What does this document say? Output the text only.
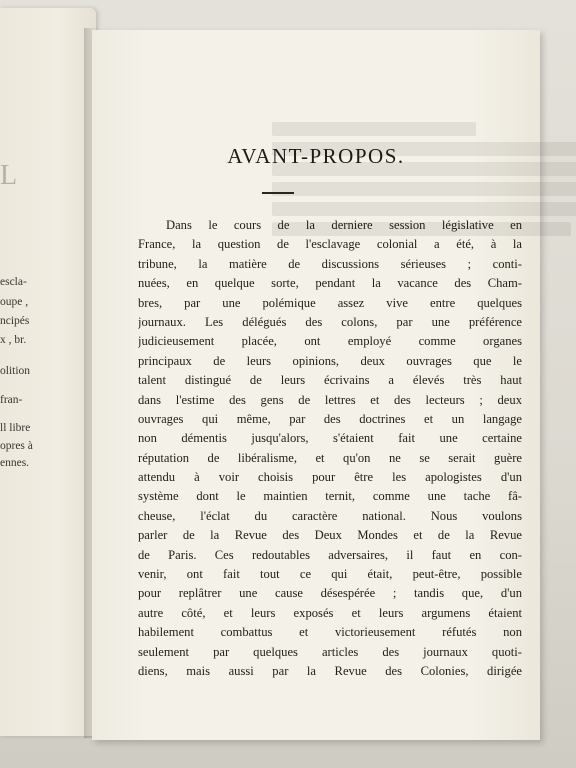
L
escla-
oupe ,
ncipés
x , br.
olition
fran-
ll libre
opres à
ennes.
AVANT-PROPOS.
Dans le cours de la derniere session législative en
France, la question de l'esclavage colonial a été, à la
tribune, la matière de discussions sérieuses ; conti-
nuées, en quelque sorte, pendant la vacance des Cham-
bres, par une polémique assez vive entre quelques
journaux. Les délégués des colons, par une préférence
judicieusement placée, ont employé comme organes
principaux de leurs opinions, deux ouvrages que le
talent distingué de leurs écrivains a élevés très haut
dans l'estime des gens de lettres et des lecteurs ; deux
ouvrages qui même, par des doctrines et un langage
non démentis jusqu'alors, s'étaient fait une certaine
réputation de libéralisme, et qu'on ne se serait guère
attendu à voir choisis pour être les apologistes d'un
système dont le maintien ternit, comme une tache fâ-
cheuse, l'éclat du caractère national. Nous voulons
parler de la Revue des Deux Mondes et de la Revue
de Paris. Ces redoutables adversaires, il faut en con-
venir, ont fait tout ce qui était, peut-être, possible
pour replâtrer une cause désespérée ; tandis que, d'un
autre côté, et leurs exposés et leurs argumens étaient
habilement combattus et victorieusement réfutés non
seulement par quelques articles des journaux quoti-
diens, mais aussi par la Revue des Colonies, dirigée
